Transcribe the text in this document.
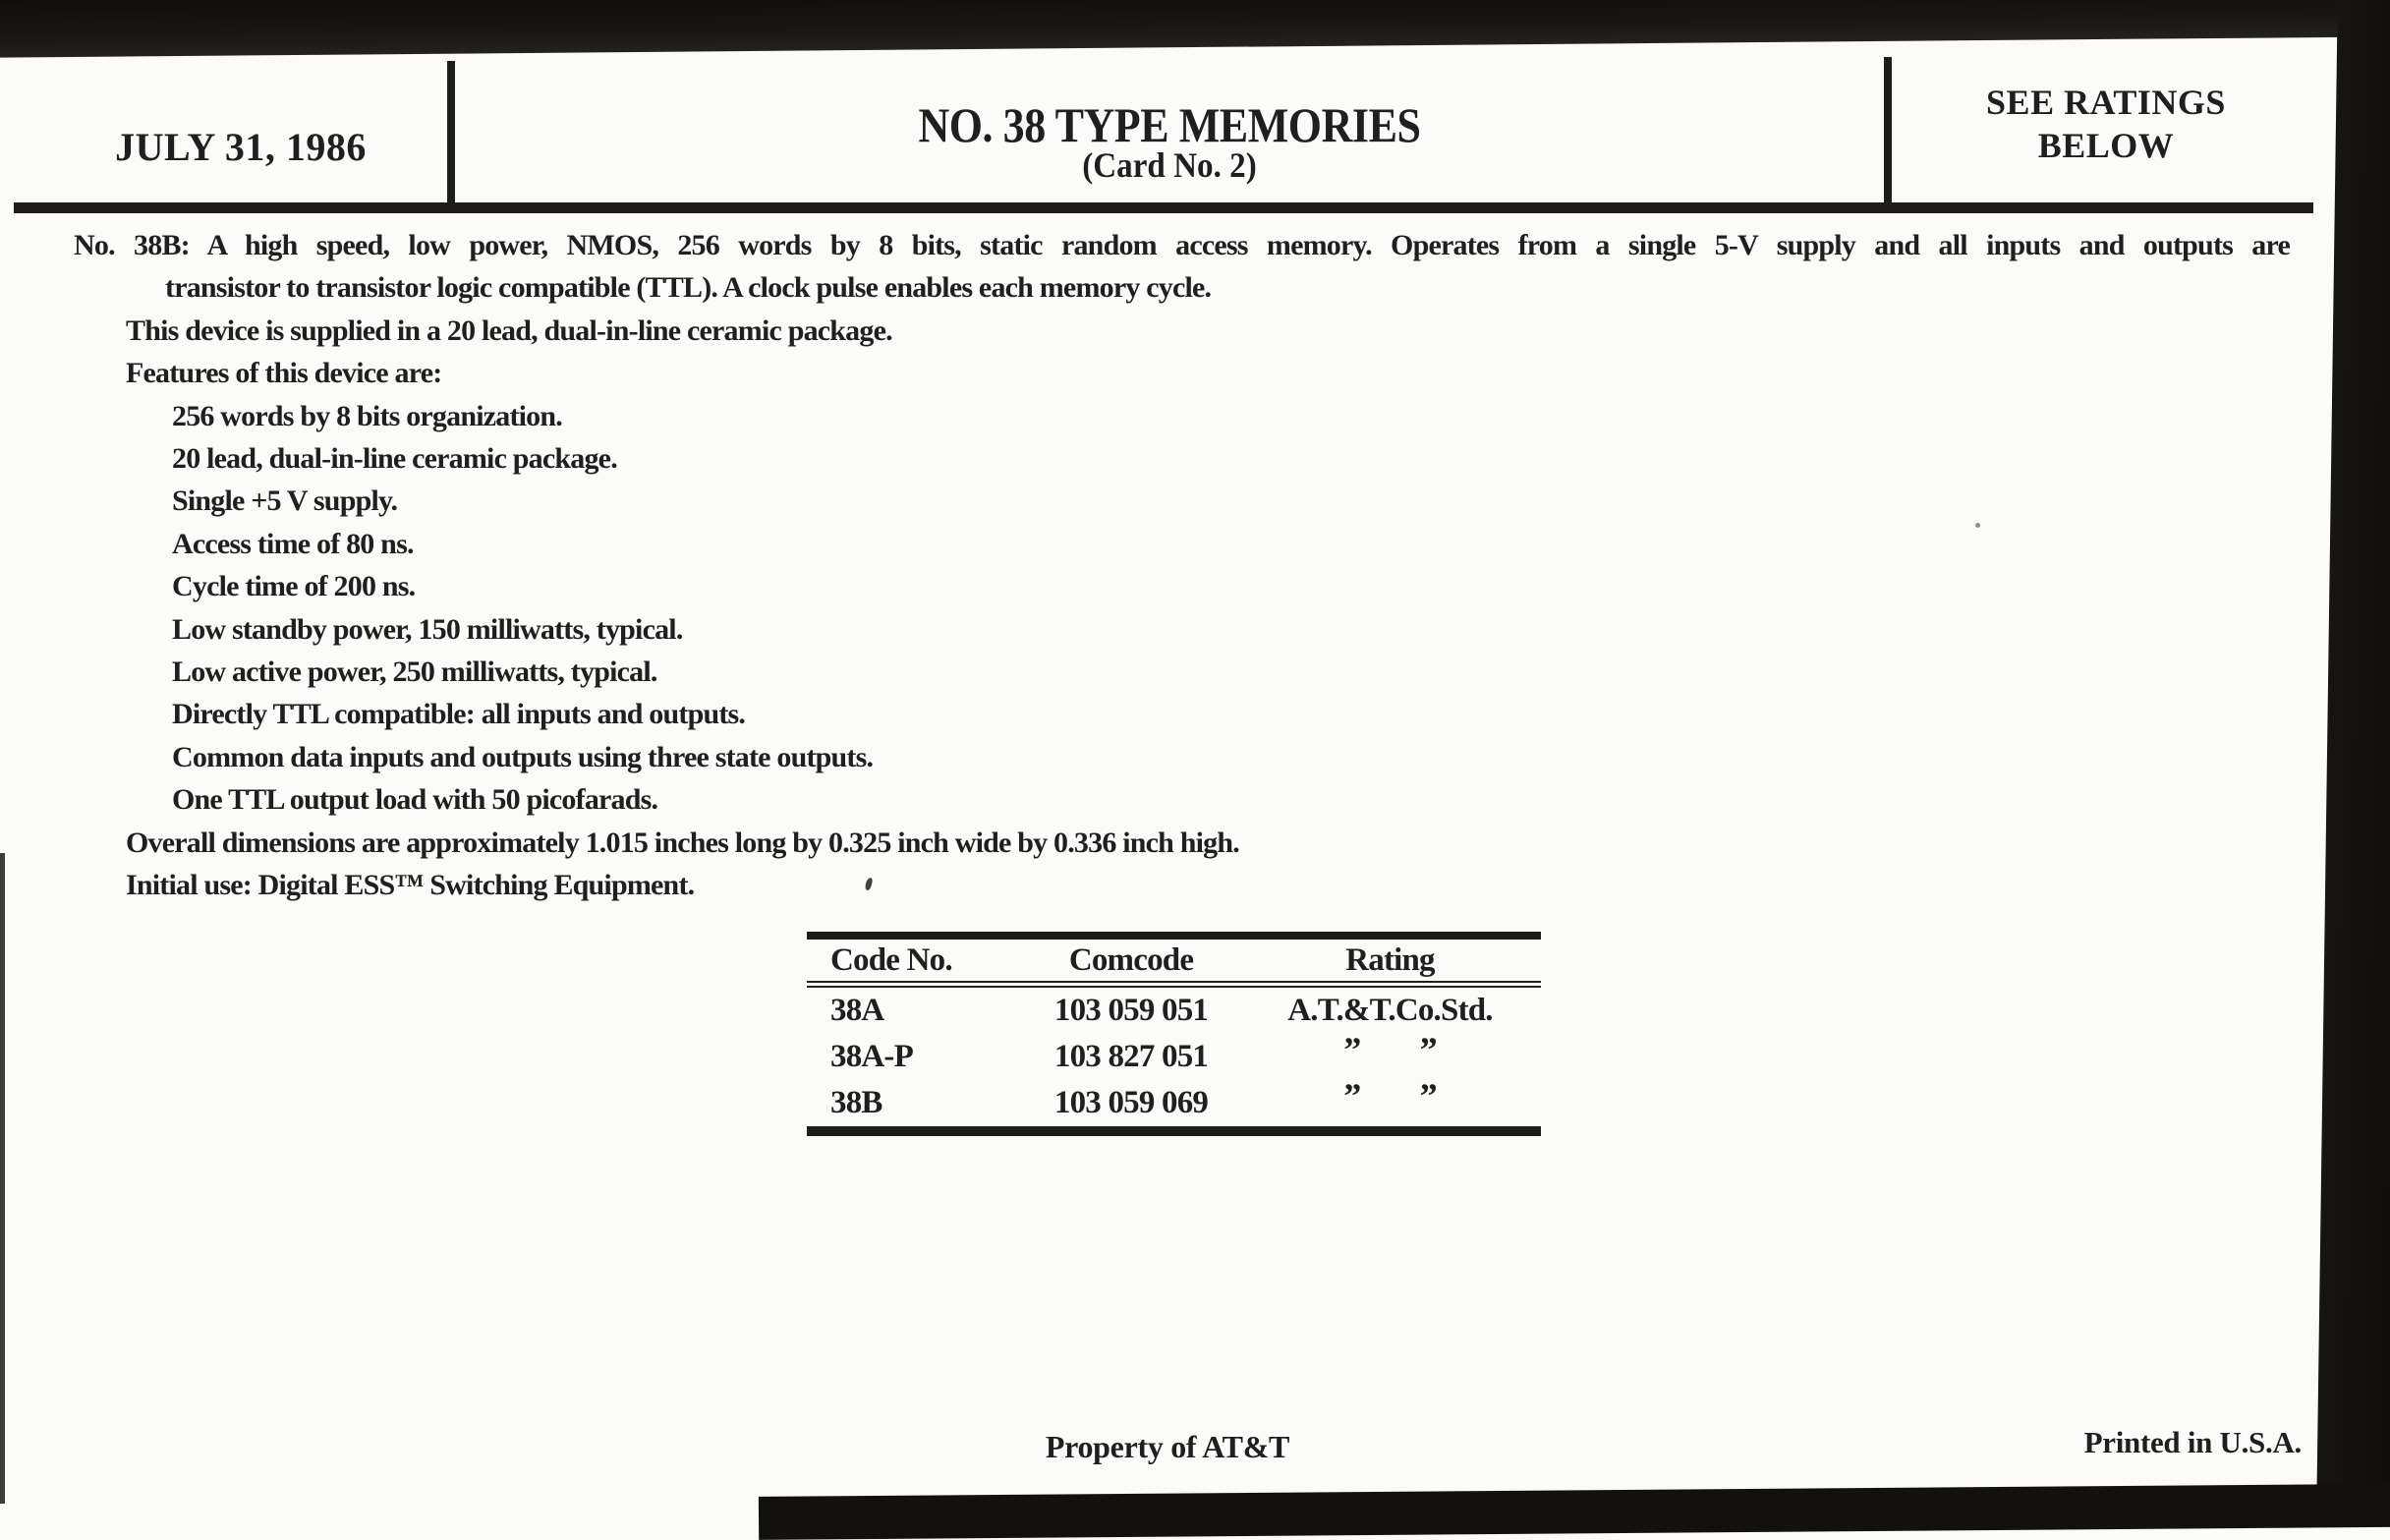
JULY 31, 1986	NO. 38 TYPE MEMORIES
(Card No. 2)
SEE RATINGS
BELOW
No. 38B: A high speed, low power, NMOS, 256 words by 8 bits, static random access memory. Operates from a single 5-V supply and all inputs and outputs are
transistor to transistor logic compatible (TTL). A clock pulse enables each memory cycle.
This device is supplied in a 20 lead, dual-in-line ceramic package.
Features of this device are:
256 words by 8 bits organization.
20 lead, dual-in-line ceramic package.
Single +5 V supply.
Access time of 80 ns.
Cycle time of 200 ns.
Low standby power, 150 milliwatts, typical.
Low active power, 250 milliwatts, typical.
Directly TTL compatible: all inputs and outputs.
Common data inputs and outputs using three state outputs.
One TTL output load with 50 picofarads.
Overall dimensions are approximately 1.015 inches long by 0.325 inch wide by 0.336 inch high.
Initial use: Digital ESS™ Switching Equipment.
Code No.	Comcode	Rating
38A	103 059 051	A.T.&T.Co.Std.
38A-P	103 827 051	” ”
38B	103 059 069	” ”
Property of AT&T	Printed in U.S.A.
